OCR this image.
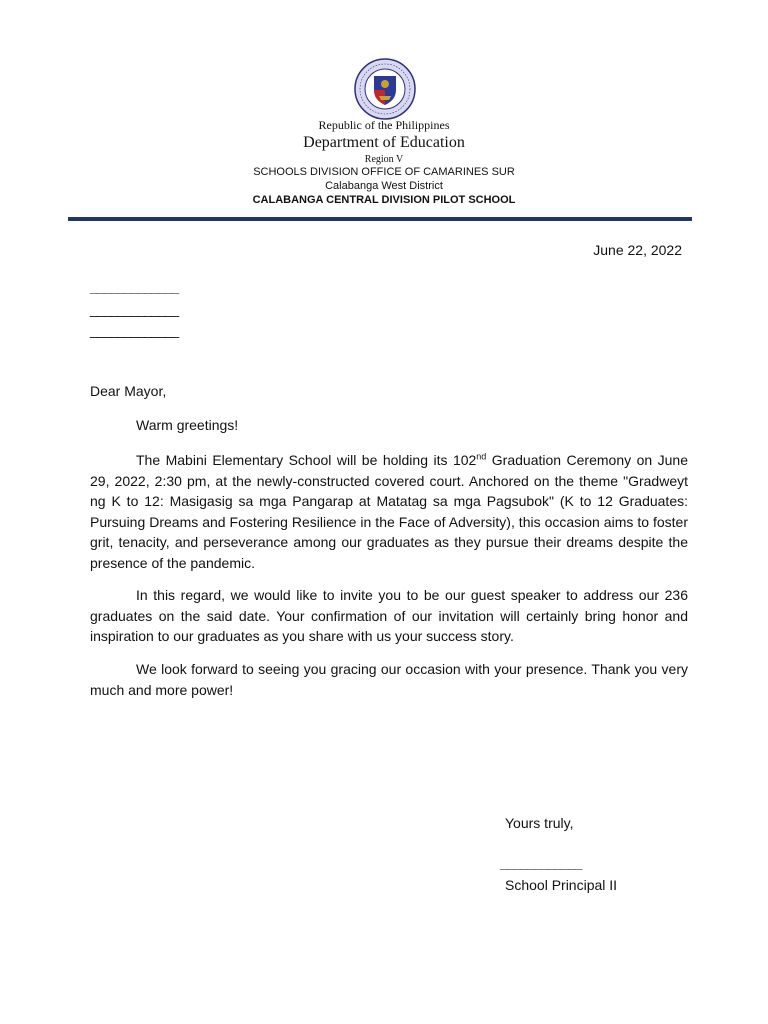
Republic of the Philippines
Department of Education
Region V
SCHOOLS DIVISION OFFICE OF CAMARINES SUR
Calabanga West District
CALABANGA CENTRAL DIVISION PILOT SCHOOL
June 22, 2022
_____________
_____________
_____________
Dear Mayor,
Warm greetings!

The Mabini Elementary School will be holding its 102nd Graduation Ceremony on June 29, 2022, 2:30 pm, at the newly-constructed covered court. Anchored on the theme "Gradweyt ng K to 12: Masigasig sa mga Pangarap at Matatag sa mga Pagsubok" (K to 12 Graduates: Pursuing Dreams and Fostering Resilience in the Face of Adversity), this occasion aims to foster grit, tenacity, and perseverance among our graduates as they pursue their dreams despite the presence of the pandemic.

In this regard, we would like to invite you to be our guest speaker to address our 236 graduates on the said date. Your confirmation of our invitation will certainly bring honor and inspiration to our graduates as you share with us your success story.

We look forward to seeing you gracing our occasion with your presence. Thank you very much and more power!

Yours truly,
____________
School Principal II
